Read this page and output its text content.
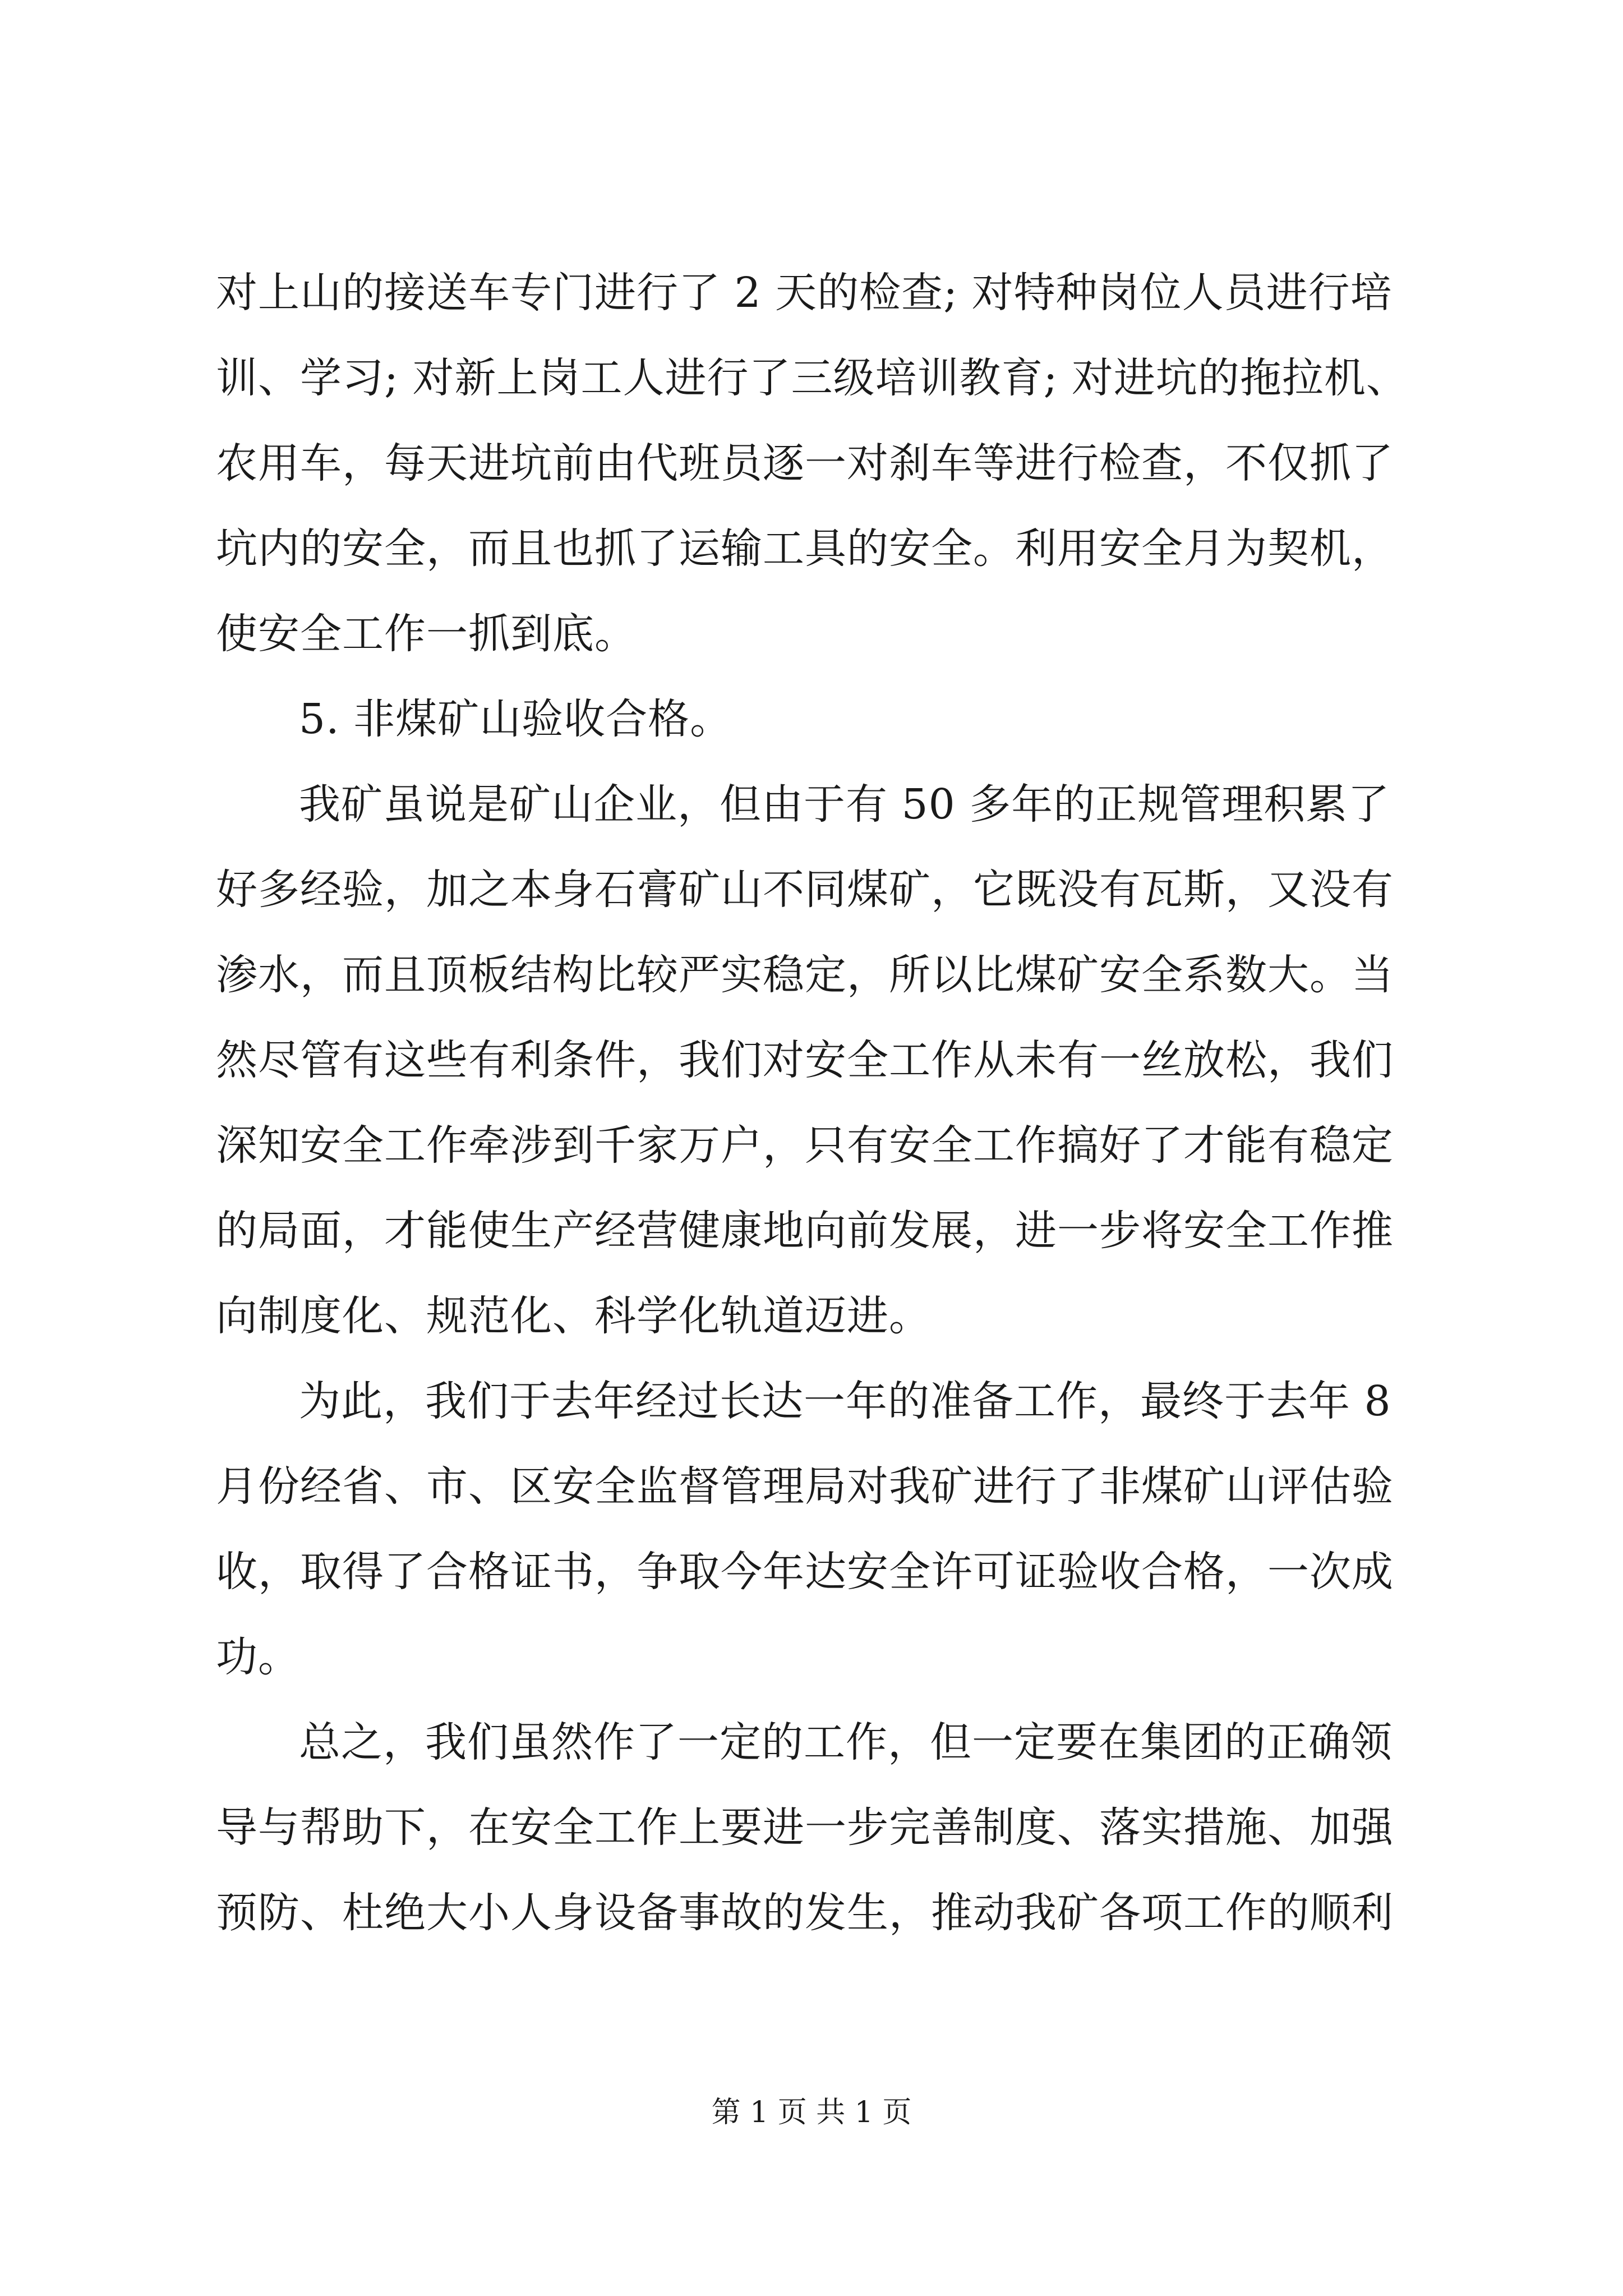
对上山的接送车专门进行了 2 天的检查; 对特种岗位人员进行培
训、学习; 对新上岗工人进行了三级培训教育; 对进坑的拖拉机、
农用车，每天进坑前由代班员逐一对刹车等进行检查，不仅抓了
坑内的安全，而且也抓了运输工具的安全。利用安全月为契机，
使安全工作一抓到底。
5. 非煤矿山验收合格。
我矿虽说是矿山企业，但由于有 50 多年的正规管理积累了
好多经验，加之本身石膏矿山不同煤矿，它既没有瓦斯，又没有
渗水，而且顶板结构比较严实稳定，所以比煤矿安全系数大。当
然尽管有这些有利条件，我们对安全工作从未有一丝放松，我们
深知安全工作牵涉到千家万户，只有安全工作搞好了才能有稳定
的局面，才能使生产经营健康地向前发展，进一步将安全工作推
向制度化、规范化、科学化轨道迈进。
为此，我们于去年经过长达一年的准备工作，最终于去年 8
月份经省、市、区安全监督管理局对我矿进行了非煤矿山评估验
收，取得了合格证书，争取今年达安全许可证验收合格，一次成
功。
总之，我们虽然作了一定的工作，但一定要在集团的正确领
导与帮助下，在安全工作上要进一步完善制度、落实措施、加强
预防、杜绝大小人身设备事故的发生，推动我矿各项工作的顺利
第 1 页 共 1 页
